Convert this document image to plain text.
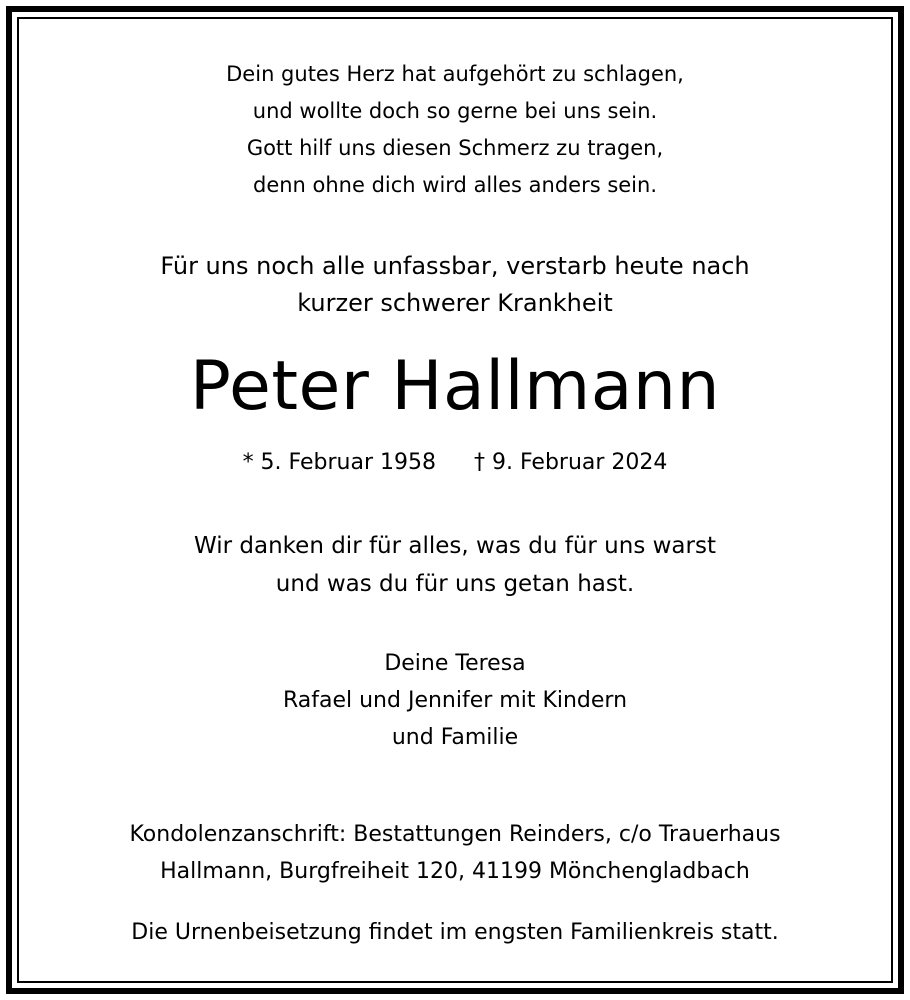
Dein gutes Herz hat aufgehört zu schlagen,
und wollte doch so gerne bei uns sein.
Gott hilf uns diesen Schmerz zu tragen,
denn ohne dich wird alles anders sein.
Für uns noch alle unfassbar, verstarb heute nach
kurzer schwerer Krankheit
Peter Hallmann
* 5. Februar 1958 † 9. Februar 2024
Wir danken dir für alles, was du für uns warst
und was du für uns getan hast.
Deine Teresa
Rafael und Jennifer mit Kindern
und Familie
Kondolenzanschrift: Bestattungen Reinders, c/o Trauerhaus
Hallmann, Burgfreiheit 120, 41199 Mönchengladbach
Die Urnenbeisetzung findet im engsten Familienkreis statt.
